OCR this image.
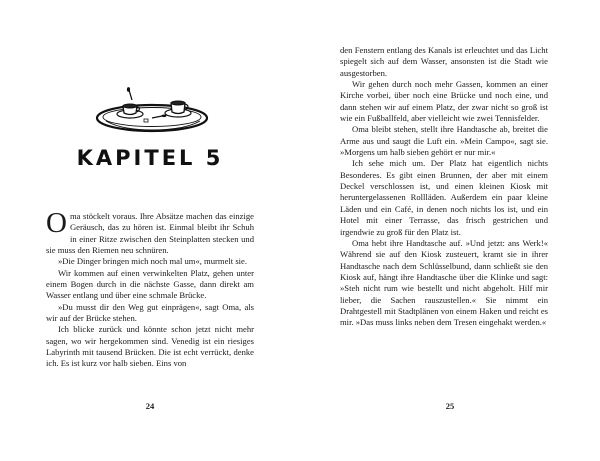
KAPITEL 5

Oma stöckelt voraus. Ihre Absätze machen das einzige Geräusch, das zu hören ist. Einmal bleibt ihr Schuh in einer Ritze zwischen den Steinplatten stecken und sie muss den Riemen neu schnüren.

»Die Dinger bringen mich noch mal um«, murmelt sie.

Wir kommen auf einen verwinkelten Platz, gehen unter einem Bogen durch in die nächste Gasse, dann direkt am Wasser entlang und über eine schmale Brücke.

»Du musst dir den Weg gut einprägen«, sagt Oma, als wir auf der Brücke stehen.

Ich blicke zurück und könnte schon jetzt nicht mehr sagen, wo wir hergekommen sind. Venedig ist ein riesiges Labyrinth mit tausend Brücken. Die ist echt verrückt, denke ich. Es ist kurz vor halb sieben. Eins von

24	25

den Fenstern entlang des Kanals ist erleuchtet und das Licht spiegelt sich auf dem Wasser, ansonsten ist die Stadt wie ausgestorben.

Wir gehen durch noch mehr Gassen, kommen an einer Kirche vorbei, über noch eine Brücke und noch eine, und dann stehen wir auf einem Platz, der zwar nicht so groß ist wie ein Fußballfeld, aber vielleicht wie zwei Tennisfelder.

Oma bleibt stehen, stellt ihre Handtasche ab, breitet die Arme aus und saugt die Luft ein. »Mein Campo«, sagt sie. »Morgens um halb sieben gehört er nur mir.«

Ich sehe mich um. Der Platz hat eigentlich nichts Besonderes. Es gibt einen Brunnen, der aber mit einem Deckel verschlossen ist, und einen kleinen Kiosk mit heruntergelassenen Rollläden. Außerdem ein paar kleine Läden und ein Café, in denen noch nichts los ist, und ein Hotel mit einer Terrasse, das frisch gestrichen und irgendwie zu groß für den Platz ist.

Oma hebt ihre Handtasche auf. »Und jetzt: ans Werk!« Während sie auf den Kiosk zusteuert, kramt sie in ihrer Handtasche nach dem Schlüsselbund, dann schließt sie den Kiosk auf, hängt ihre Handtasche über die Klinke und sagt: »Steh nicht rum wie bestellt und nicht abgeholt. Hilf mir lieber, die Sachen rauszustellen.« Sie nimmt ein Drahtgestell mit Stadtplänen von einem Haken und reicht es mir. »Das muss links neben dem Tresen eingehakt werden.«
